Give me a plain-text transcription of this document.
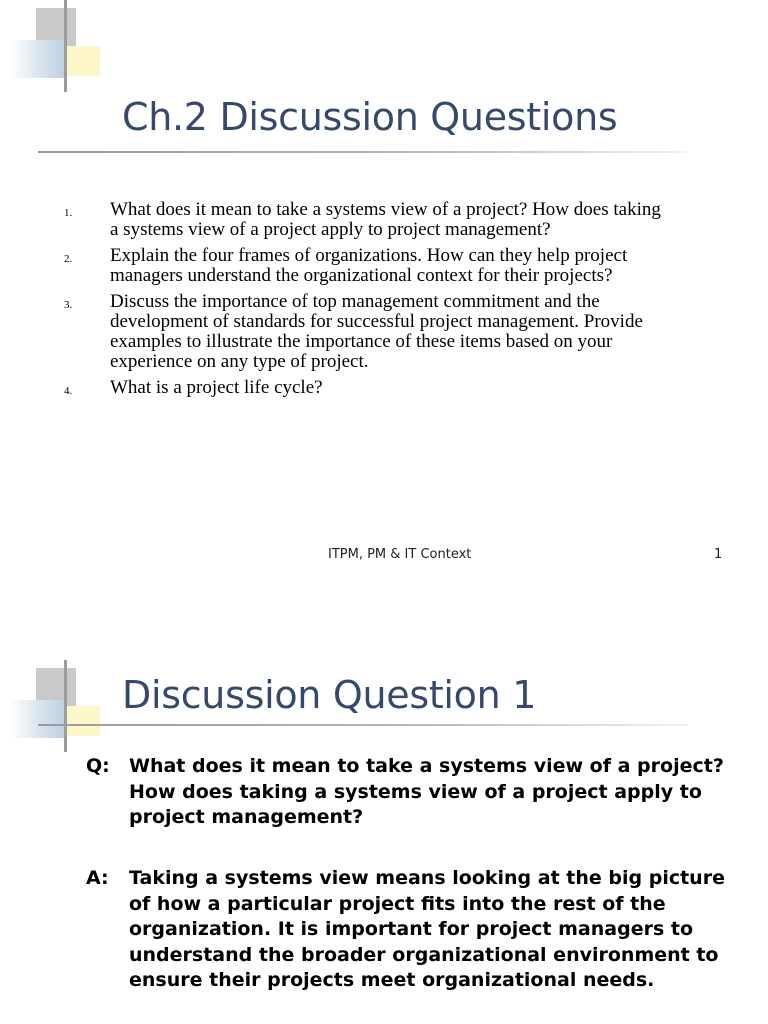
Ch.2 Discussion Questions
1. What does it mean to take a systems view of a project? How does taking a systems view of a project apply to project management?
2. Explain the four frames of organizations. How can they help project managers understand the organizational context for their projects?
3. Discuss the importance of top management commitment and the development of standards for successful project management. Provide examples to illustrate the importance of these items based on your experience on any type of project.
4. What is a project life cycle?
ITPM, PM & IT Context	1
Discussion Question 1
Q: What does it mean to take a systems view of a project? How does taking a systems view of a project apply to project management?
A: Taking a systems view means looking at the big picture of how a particular project fits into the rest of the organization. It is important for project managers to understand the broader organizational environment to ensure their projects meet organizational needs.
